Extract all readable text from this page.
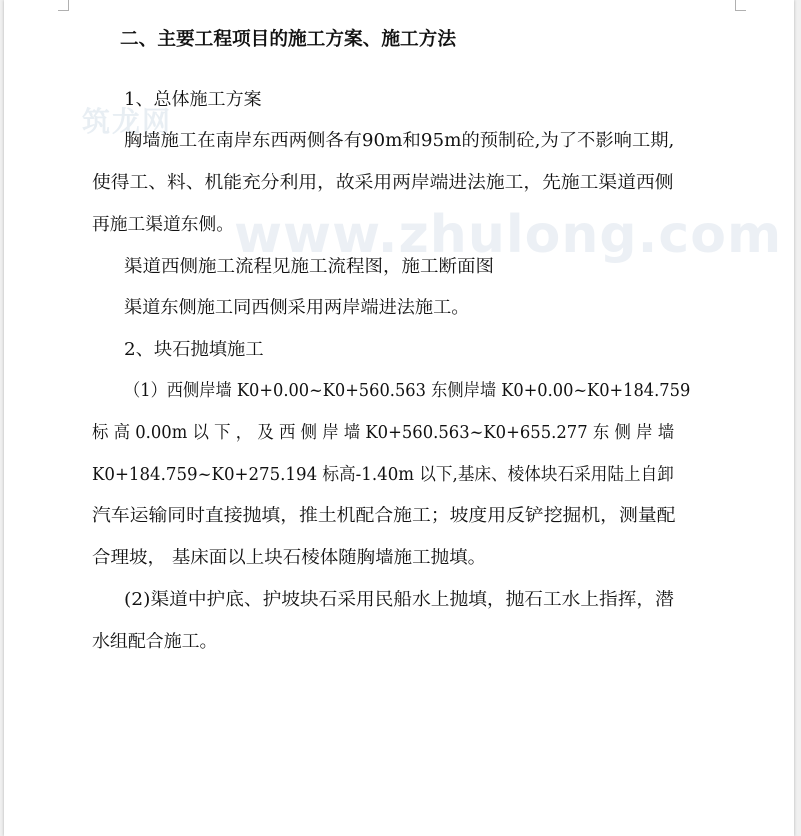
筑龙网
www.zhulong.com

二、主要工程项目的施工方案、施工方法

1、总体施工方案

胸墙施工在南岸东西两侧各有90m和95m的预制砼,为了不影响工期,

使得工、料、机能充分利用，故采用两岸端进法施工，先施工渠道西侧

再施工渠道东侧。

渠道西侧施工流程见施工流程图，施工断面图

渠道东侧施工同西侧采用两岸端进法施工。

2、块石抛填施工

（1）西侧岸墙 K0+0.00~K0+560.563 东侧岸墙 K0+0.00~K0+184.759

标 高 0.00m 以 下 ， 及 西 侧 岸 墙 K0+560.563~K0+655.277 东 侧 岸 墙

K0+184.759~K0+275.194 标高-1.40m 以下,基床、棱体块石采用陆上自卸

汽车运输同时直接抛填，推土机配合施工；坡度用反铲挖掘机，测量配

合理坡， 基床面以上块石棱体随胸墙施工抛填。

(2)渠道中护底、护坡块石采用民船水上抛填，抛石工水上指挥，潜

水组配合施工。
